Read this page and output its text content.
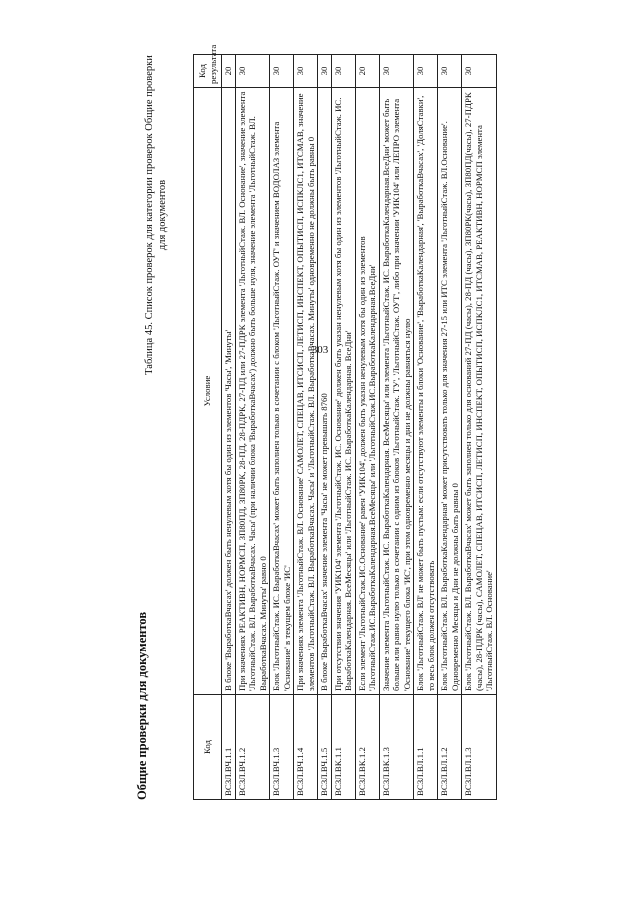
303
Общие проверки для документов
Таблица 45. Список проверок для категории проверок Общие проверки для документов
Код	Условие	Код результата
ВСЗЛ.ВЧ.1.1	В блоке 'ВыработкаВчасах' должен быть ненулевым хотя бы один из элементов 'Часы', 'Минуты'	20
ВСЗЛ.ВЧ.1.2	При значениях РЕАКТИВН, НОРМСП, ЗП80ПД, ЗП80РК, 28-ПД, 28-ПДРК, 27-ПД или 27-ПДРК элемента 'ЛьготныйСтаж. ВЛ. Основание', значение элемента 'ЛьготныйСтаж. ВЛ. ВыработкаВчасах. Часы' (при наличии блока 'ВыработкаВчасах') должно быть больше нуля, значение элемента 'ЛьготныйСтаж. ВЛ. ВыработкаВчасах. Минуты' равно 0	30
ВСЗЛ.ВЧ.1.3	Блок 'ЛьготныйСтаж. ИС. ВыработкаВчасах' может быть заполнен только в сочетании с блоком 'ЛьготныйСтаж. ОУТ' и значением ВОДОЛАЗ элемента 'Основание' в текущем блоке 'ИС'	30
ВСЗЛ.ВЧ.1.4	При значениях элемента 'ЛьготныйСтаж. ВЛ. Основание' САМОЛЕТ, СПЕЦАВ, ИТСИСП, ЛЕТИСП, ИНСПЕКТ, ОПЫТИСП, ИСПКЛС1, ИТСМАВ, значение элементов 'ЛьготныйСтаж. ВЛ. ВыработкаВчасах. Часы' и 'ЛьготныйСтаж. ВЛ. ВыработкаВчасах. Минуты' одновременно не должны быть равны 0	30
ВСЗЛ.ВЧ.1.5	В блоке 'ВыработкаВчасах' значение элемента 'Часы' не может превышать 8760	30
ВСЗЛ.ВК.1.1	При отсутствии значения 'УИК104' элемента 'ЛьготныйСтаж. ИС. Основание' должен быть указан ненулевым хотя бы один из элементов 'ЛьготныйСтаж. ИС. ВыработкаКалендарная. ВсеМесяцы' или 'ЛьготныйСтаж. ИС. ВыработкаКалендарная. ВсеДни'	30
ВСЗЛ.ВК.1.2	Если элемент 'ЛьготныйСтаж.ИС.Основание' равен 'УИК104', должен быть указан ненулевым хотя бы один из элементов 'ЛьготныйСтаж.ИС.ВыработкаКалендарная.ВсеМесяцы' или 'ЛьготныйСтаж.ИС.ВыработкаКалендарная.ВсеДни'	20
ВСЗЛ.ВК.1.3	Значение элемента 'ЛьготныйСтаж. ИС. ВыработкаКалендарная. ВсеМесяцы' или элемента 'ЛьготныйСтаж. ИС. ВыработкаКалендарная.ВсеДни' может быть больше или равно нулю только в сочетании с одним из блоков 'ЛьготныйСтаж. ТУ', 'ЛьготныйСтаж. ОУТ', либо при значении 'УИК104' или ЛЕПРО элемента 'Основание' текущего блока 'ИС', при этом одновременно месяцы и дни не должны равняться нулю	30
ВСЗЛ.ВЛ.1.1	Блок 'ЛьготныйСтаж. ВЛ' не может быть пустым: если отсутствуют элементы и блоки 'Основание', 'ВыработкаКалендарная', 'ВыработкаВчасах', 'ДоляСтавки', то весь блок должен отсутствовать	30
ВСЗЛ.ВЛ.1.2	Блок 'ЛьготныйСтаж. ВЛ. ВыработкаКалендарная' может присутствовать только для значения 27-15 или ИТС элемента 'ЛьготныйСтаж. ВЛ.Основание'. Одновременно Месяцы и Дни не должны быть равны 0	30
ВСЗЛ.ВЛ.1.3	Блок 'ЛьготныйСтаж. ВЛ. ВыработкаВчасах' может быть заполнен только для оснований 27-ПД (часы), 28-ПД (часы), ЗП80РК(часы), ЗП80ПД(часы), 27-ПДРК (часы), 28-ПДРК (часы), САМОЛЕТ, СПЕЦАВ, ИТСИСП, ЛЕТИСП, ИНСПЕКТ, ОПЫТИСП, ИСПКЛС1, ИТСМАВ, РЕАКТИВН, НОРМСП элемента 'ЛьготныйСтаж. ВЛ. Основание'	30
